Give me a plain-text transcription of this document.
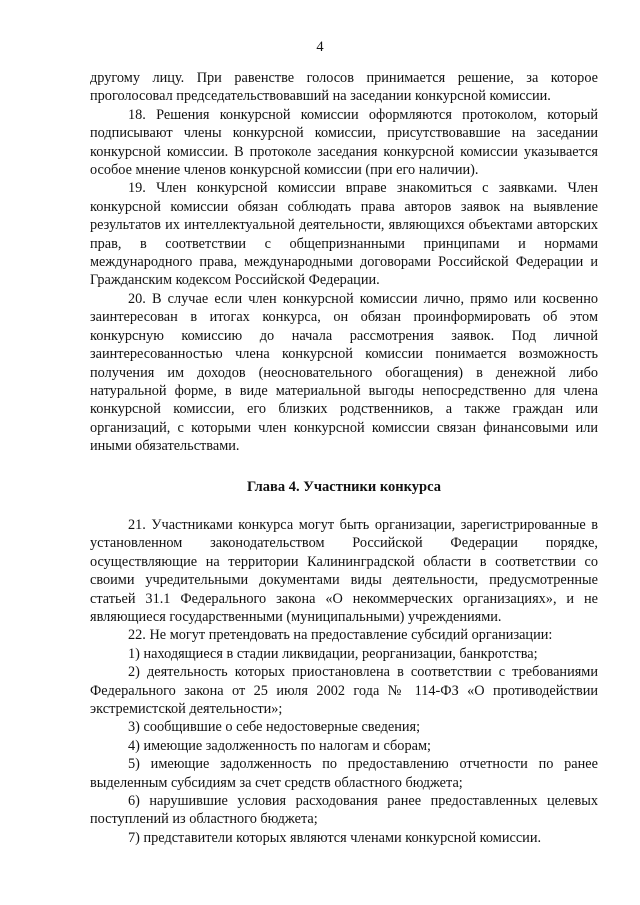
4

другому лицу. При равенстве голосов принимается решение, за которое проголосовал председательствовавший на заседании конкурсной комиссии.

18. Решения конкурсной комиссии оформляются протоколом, который подписывают члены конкурсной комиссии, присутствовавшие на заседании конкурсной комиссии. В протоколе заседания конкурсной комиссии указывается особое мнение членов конкурсной комиссии (при его наличии).

19. Член конкурсной комиссии вправе знакомиться с заявками. Член конкурсной комиссии обязан соблюдать права авторов заявок на выявление результатов их интеллектуальной деятельности, являющихся объектами авторских прав, в соответствии с общепризнанными принципами и нормами международного права, международными договорами Российской Федерации и Гражданским кодексом Российской Федерации.

20. В случае если член конкурсной комиссии лично, прямо или косвенно заинтересован в итогах конкурса, он обязан проинформировать об этом конкурсную комиссию до начала рассмотрения заявок. Под личной заинтересованностью члена конкурсной комиссии понимается возможность получения им доходов (неосновательного обогащения) в денежной либо натуральной форме, в виде материальной выгоды непосредственно для члена конкурсной комиссии, его близких родственников, а также граждан или организаций, с которыми член конкурсной комиссии связан финансовыми или иными обязательствами.

Глава 4. Участники конкурса

21. Участниками конкурса могут быть организации, зарегистрированные в установленном законодательством Российской Федерации порядке, осуществляющие на территории Калининградской области в соответствии со своими учредительными документами виды деятельности, предусмотренные статьей 31.1 Федерального закона «О некоммерческих организациях», и не являющиеся государственными (муниципальными) учреждениями.

22. Не могут претендовать на предоставление субсидий организации:

1) находящиеся в стадии ликвидации, реорганизации, банкротства;

2) деятельность которых приостановлена в соответствии с требованиями Федерального закона от 25 июля 2002 года № 114-ФЗ «О противодействии экстремистской деятельности»;

3) сообщившие о себе недостоверные сведения;

4) имеющие задолженность по налогам и сборам;

5) имеющие задолженность по предоставлению отчетности по ранее выделенным субсидиям за счет средств областного бюджета;

6) нарушившие условия расходования ранее предоставленных целевых поступлений из областного бюджета;

7) представители которых являются членами конкурсной комиссии.
